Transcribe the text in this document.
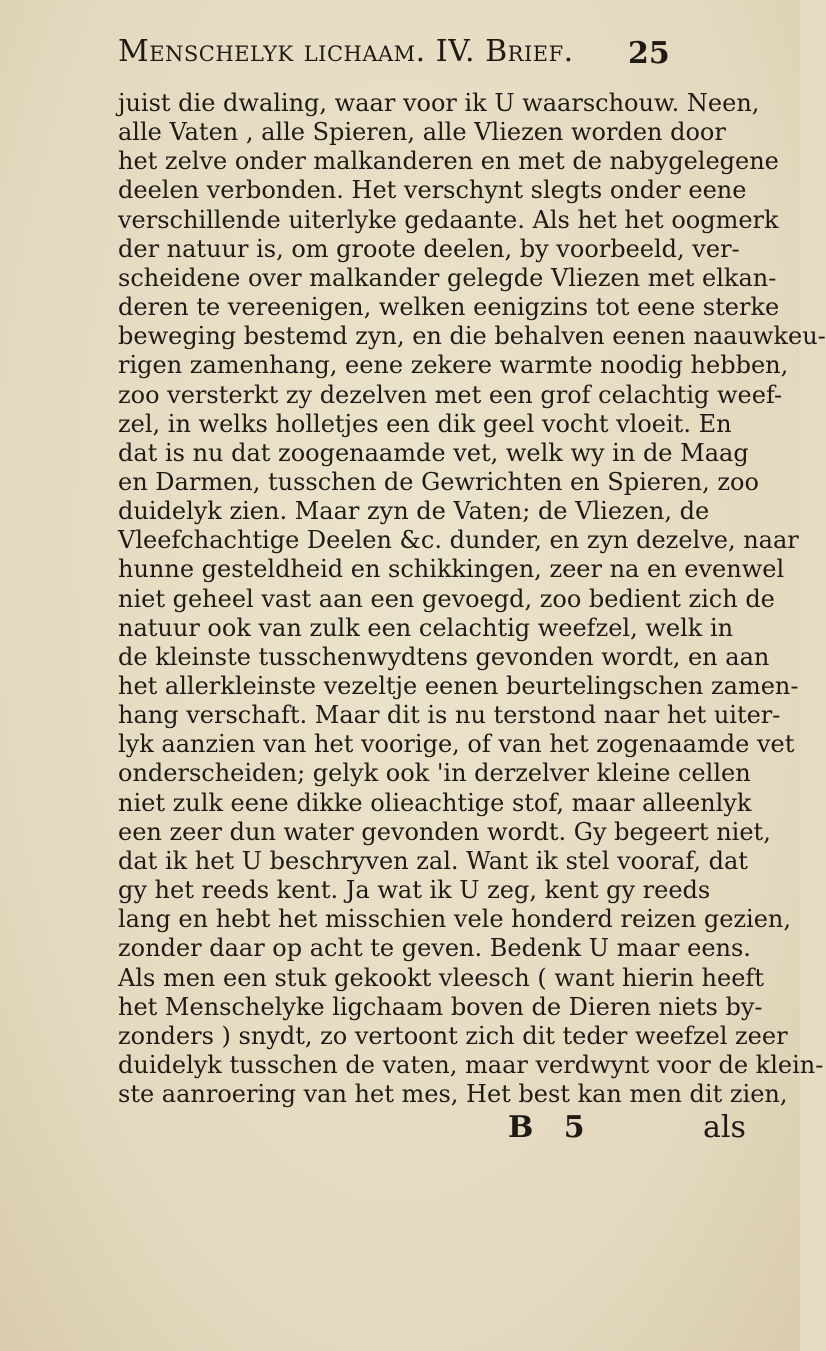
Menschelyk lichaam. IV. Brief. 25
juist die dwaling, waar voor ik U waarschouw. Neen,
alle Vaten , alle Spieren, alle Vliezen worden door
het zelve onder malkanderen en met de nabygelegene
deelen verbonden. Het verschynt slegts onder eene
verschillende uiterlyke gedaante. Als het het oogmerk
der natuur is, om groote deelen, by voorbeeld, ver-
scheidene over malkander gelegde Vliezen met elkan-
deren te vereenigen, welken eenigzins tot eene sterke
beweging bestemd zyn, en die behalven eenen naauwkeu-
rigen zamenhang, eene zekere warmte noodig hebben,
zoo versterkt zy dezelven met een grof celachtig weef-
zel, in welks holletjes een dik geel vocht vloeit. En
dat is nu dat zoogenaamde vet, welk wy in de Maag
en Darmen, tusschen de Gewrichten en Spieren, zoo
duidelyk zien. Maar zyn de Vaten; de Vliezen, de
Vleefchachtige Deelen &c. dunder, en zyn dezelve, naar
hunne gesteldheid en schikkingen, zeer na en evenwel
niet geheel vast aan een gevoegd, zoo bedient zich de
natuur ook van zulk een celachtig weefzel, welk in
de kleinste tusschenwydtens gevonden wordt, en aan
het allerkleinste vezeltje eenen beurtelingschen zamen-
hang verschaft. Maar dit is nu terstond naar het uiter-
lyk aanzien van het voorige, of van het zogenaamde vet
onderscheiden; gelyk ook 'in derzelver kleine cellen
niet zulk eene dikke olieachtige stof, maar alleenlyk
een zeer dun water gevonden wordt. Gy begeert niet,
dat ik het U beschryven zal. Want ik stel vooraf, dat
gy het reeds kent. Ja wat ik U zeg, kent gy reeds
lang en hebt het misschien vele honderd reizen gezien,
zonder daar op acht te geven. Bedenk U maar eens.
Als men een stuk gekookt vleesch ( want hierin heeft
het Menschelyke ligchaam boven de Dieren niets by-
zonders ) snydt, zo vertoont zich dit teder weefzel zeer
duidelyk tusschen de vaten, maar verdwynt voor de klein-
ste aanroering van het mes, Het best kan men dit zien,
B 5	als
